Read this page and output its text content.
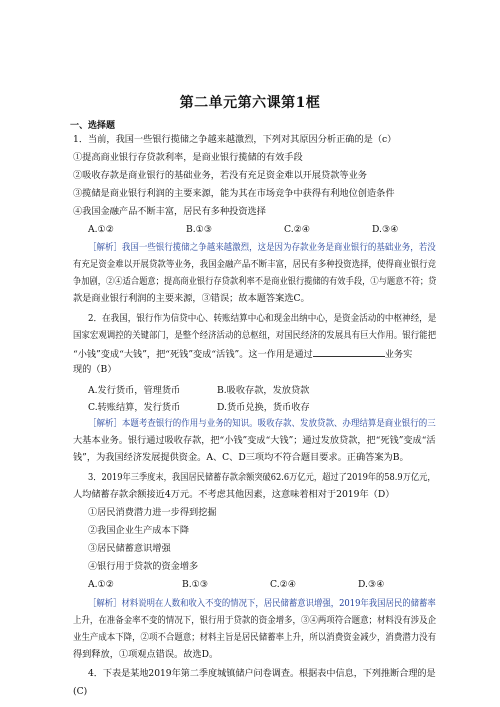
第二单元第六课第1框
一、选择题
1．当前，我国一些银行揽储之争越来越激烈，下列对其原因分析正确的是（c）
①提高商业银行存贷款利率，是商业银行揽储的有效手段
②吸收存款是商业银行的基础业务，若没有充足资金难以开展贷款等业务
③揽储是商业银行利润的主要来源，能为其在市场竞争中获得有利地位创造条件
④我国金融产品不断丰富，居民有多种投资选择
A.①②	B.①③	C.②④	D.③④
［解析］我国一些银行揽储之争越来越激烈，这是因为存款业务是商业银行的基础业务，若没
有充足资金难以开展贷款等业务，我国金融产品不断丰富，居民有多种投资选择，使得商业银行竞
争加剧，②④适合题意；提高商业银行存贷款利率不是商业银行揽储的有效手段，①与题意不符；贷
款是商业银行利润的主要来源，③错误；故本题答案选C。
2．在我国，银行作为信贷中心、转账结算中心和现金出纳中心，是资金活动的中枢神经，是
国家宏观调控的关键部门，是整个经济活动的总枢纽，对国民经济的发展具有巨大作用。银行能把
“小钱”变成“大钱”，把“死钱”变成“活钱”。这一作用是通过	业务实
现的（B）
A.发行货币，管理货币	B.吸收存款，发放贷款
C.转账结算，发行货币	D.货币兑换，货币收存
［解析］本题考查银行的作用与业务的知识。吸收存款、发放贷款、办理结算是商业银行的三
大基本业务。银行通过吸收存款，把“小钱”变成“大钱”；通过发放贷款，把“死钱”变成“活
钱”，为我国经济发展提供资金。A、C、D三项均不符合题目要求。正确答案为B。
3．2019年三季度末，我国居民储蓄存款余额突破62.6万亿元，超过了2019年的58.9万亿元，
人均储蓄存款余额接近4万元。不考虑其他因素，这意味着相对于2019年（D）
①居民消费潜力进一步得到挖掘
②我国企业生产成本下降
③居民储蓄意识增强
④银行用于贷款的资金增多
A.①②	B.①③	C.②④	D.③④
［解析］材料说明在人数和收入不变的情况下，居民储蓄意识增强，2019年我国居民的储蓄率
上升，在准备金率不变的情况下，银行用于贷款的资金增多，③④两项符合题意；材料没有涉及企
业生产成本下降，②项不合题意；材料主旨是居民储蓄率上升，所以消费资金减少，消费潜力没有
得到释放，①项观点错误。故选D。
4．下表是某地2019年第二季度城镇储户问卷调查。根据表中信息，下列推断合理的是
(C)
